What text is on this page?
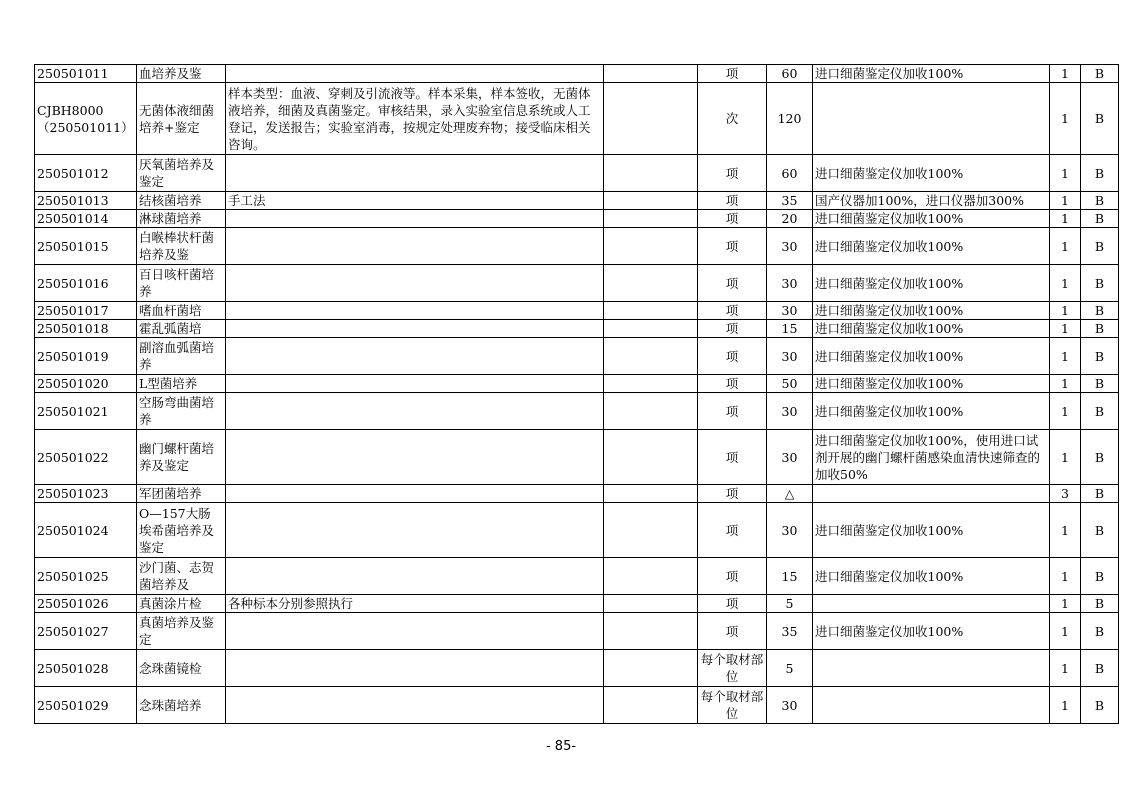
250501011	血培养及鉴			项	60	进口细菌鉴定仪加收100%	1	B
CJBH8000（250501011）	无菌体液细菌培养+鉴定	样本类型：血液、穿刺及引流液等。样本采集，样本签收，无菌体液培养，细菌及真菌鉴定。审核结果，录入实验室信息系统或人工登记，发送报告；实验室消毒，按规定处理废弃物；接受临床相关咨询。		次	120		1	B
250501012	厌氧菌培养及鉴定			项	60	进口细菌鉴定仪加收100%	1	B
250501013	结核菌培养	手工法		项	35	国产仪器加100%，进口仪器加300%	1	B
250501014	淋球菌培养			项	20	进口细菌鉴定仪加收100%	1	B
250501015	白喉棒状杆菌培养及鉴			项	30	进口细菌鉴定仪加收100%	1	B
250501016	百日咳杆菌培养			项	30	进口细菌鉴定仪加收100%	1	B
250501017	嗜血杆菌培			项	30	进口细菌鉴定仪加收100%	1	B
250501018	霍乱弧菌培			项	15	进口细菌鉴定仪加收100%	1	B
250501019	副溶血弧菌培养			项	30	进口细菌鉴定仪加收100%	1	B
250501020	L型菌培养			项	50	进口细菌鉴定仪加收100%	1	B
250501021	空肠弯曲菌培养			项	30	进口细菌鉴定仪加收100%	1	B
250501022	幽门螺杆菌培养及鉴定			项	30	进口细菌鉴定仪加收100%，使用进口试剂开展的幽门螺杆菌感染血清快速筛查的加收50%	1	B
250501023	军团菌培养			项	△		3	B
250501024	O—157大肠埃希菌培养及鉴定			项	30	进口细菌鉴定仪加收100%	1	B
250501025	沙门菌、志贺菌培养及			项	15	进口细菌鉴定仪加收100%	1	B
250501026	真菌涂片检	各种标本分别参照执行		项	5		1	B
250501027	真菌培养及鉴定			项	35	进口细菌鉴定仪加收100%	1	B
250501028	念珠菌镜检			每个取材部位	5		1	B
250501029	念珠菌培养			每个取材部位	30		1	B
- 85-
